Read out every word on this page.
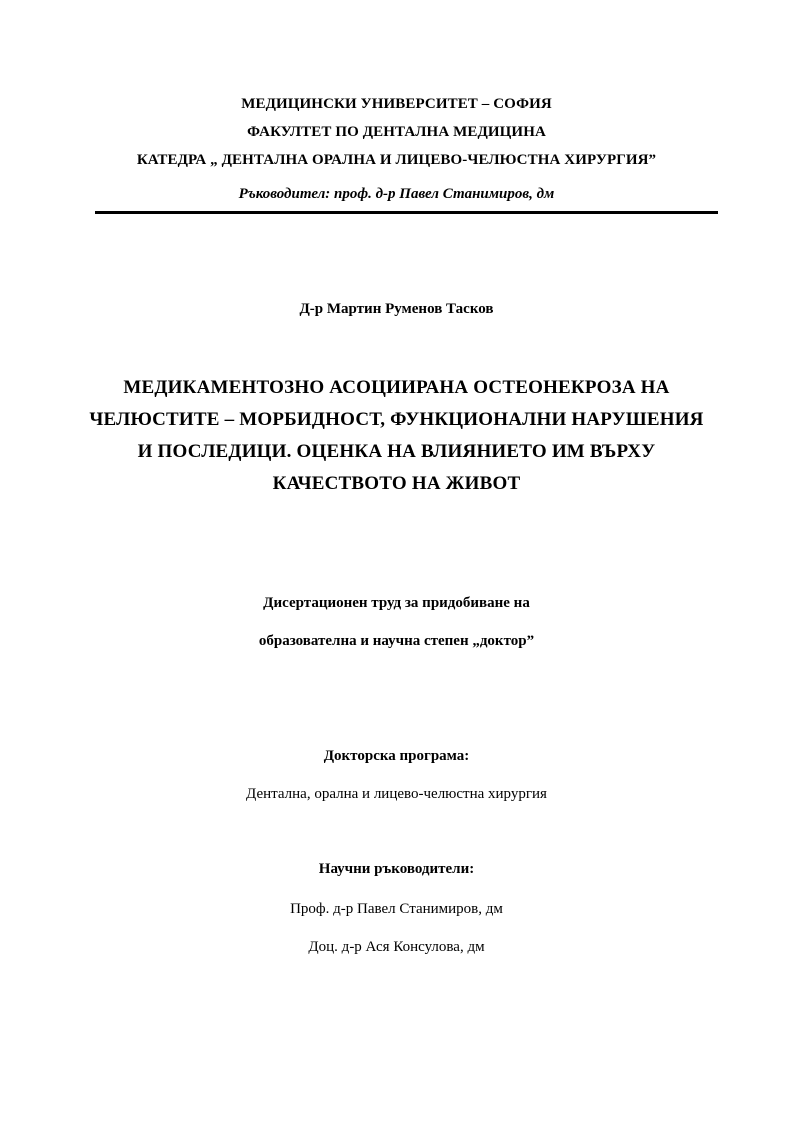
МЕДИЦИНСКИ УНИВЕРСИТЕТ – СОФИЯ
ФАКУЛТЕТ ПО ДЕНТАЛНА МЕДИЦИНА
КАТЕДРА „ ДЕНТАЛНА ОРАЛНА И ЛИЦЕВО-ЧЕЛЮСТНА ХИРУРГИЯ”
Ръководител: проф. д-р Павел Станимиров, дм
Д-р Мартин Руменов Тасков
МЕДИКАМЕНТОЗНО АСОЦИИРАНА ОСТЕОНЕКРОЗА НА
ЧЕЛЮСТИТЕ – МОРБИДНОСТ, ФУНКЦИОНАЛНИ НАРУШЕНИЯ
И ПОСЛЕДИЦИ. ОЦЕНКА НА ВЛИЯНИЕТО ИМ ВЪРХУ
КАЧЕСТВОТО НА ЖИВОТ
Дисертационен труд за придобиване на
образователна и научна степен „доктор”
Докторска програма:
Дентална, орална и лицево-челюстна хирургия
Научни ръководители:
Проф. д-р Павел Станимиров, дм
Доц. д-р Ася Консулова, дм
